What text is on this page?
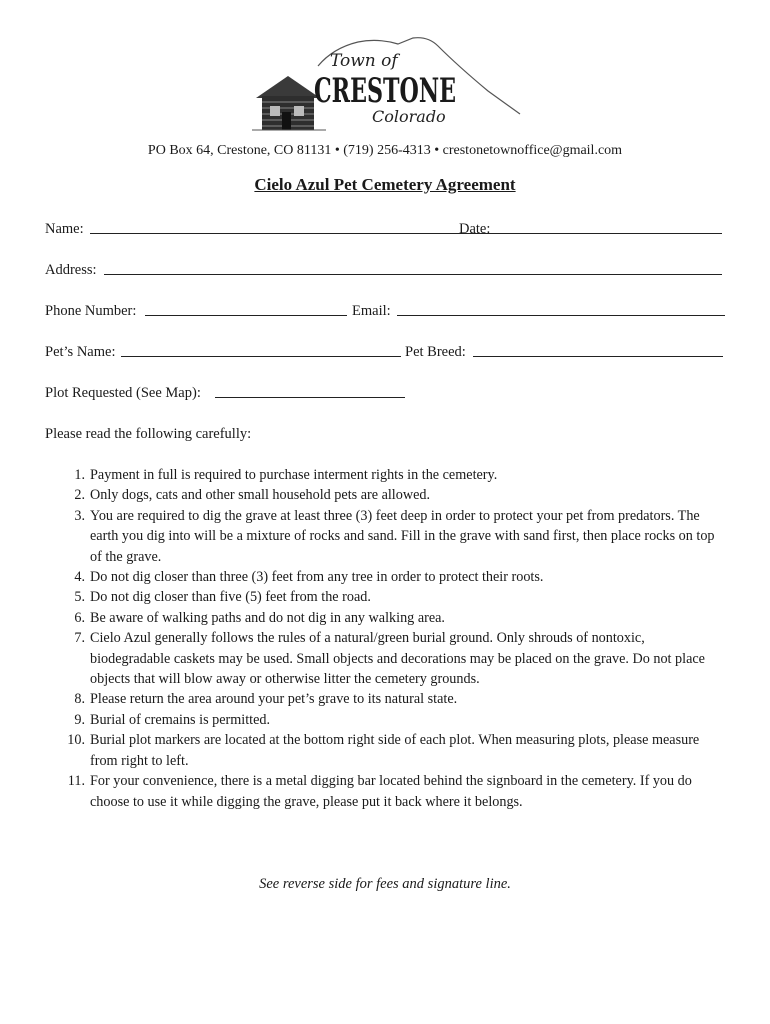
Town of
CRESTONE
Colorado
PO Box 64, Crestone, CO 81131 • (719) 256-4313 • crestonetownoffice@gmail.com
Cielo Azul Pet Cemetery Agreement
Name:	Date:
Address:
Phone Number:	Email:
Pet’s Name:	Pet Breed:
Plot Requested (See Map):
Please read the following carefully:
1. Payment in full is required to purchase interment rights in the cemetery.
2. Only dogs, cats and other small household pets are allowed.
3. You are required to dig the grave at least three (3) feet deep in order to protect your pet from predators. The earth you dig into will be a mixture of rocks and sand. Fill in the grave with sand first, then place rocks on top of the grave.
4. Do not dig closer than three (3) feet from any tree in order to protect their roots.
5. Do not dig closer than five (5) feet from the road.
6. Be aware of walking paths and do not dig in any walking area.
7. Cielo Azul generally follows the rules of a natural/green burial ground. Only shrouds of nontoxic, biodegradable caskets may be used. Small objects and decorations may be placed on the grave. Do not place objects that will blow away or otherwise litter the cemetery grounds.
8. Please return the area around your pet’s grave to its natural state.
9. Burial of cremains is permitted.
10. Burial plot markers are located at the bottom right side of each plot. When measuring plots, please measure from right to left.
11. For your convenience, there is a metal digging bar located behind the signboard in the cemetery. If you do choose to use it while digging the grave, please put it back where it belongs.
See reverse side for fees and signature line.
